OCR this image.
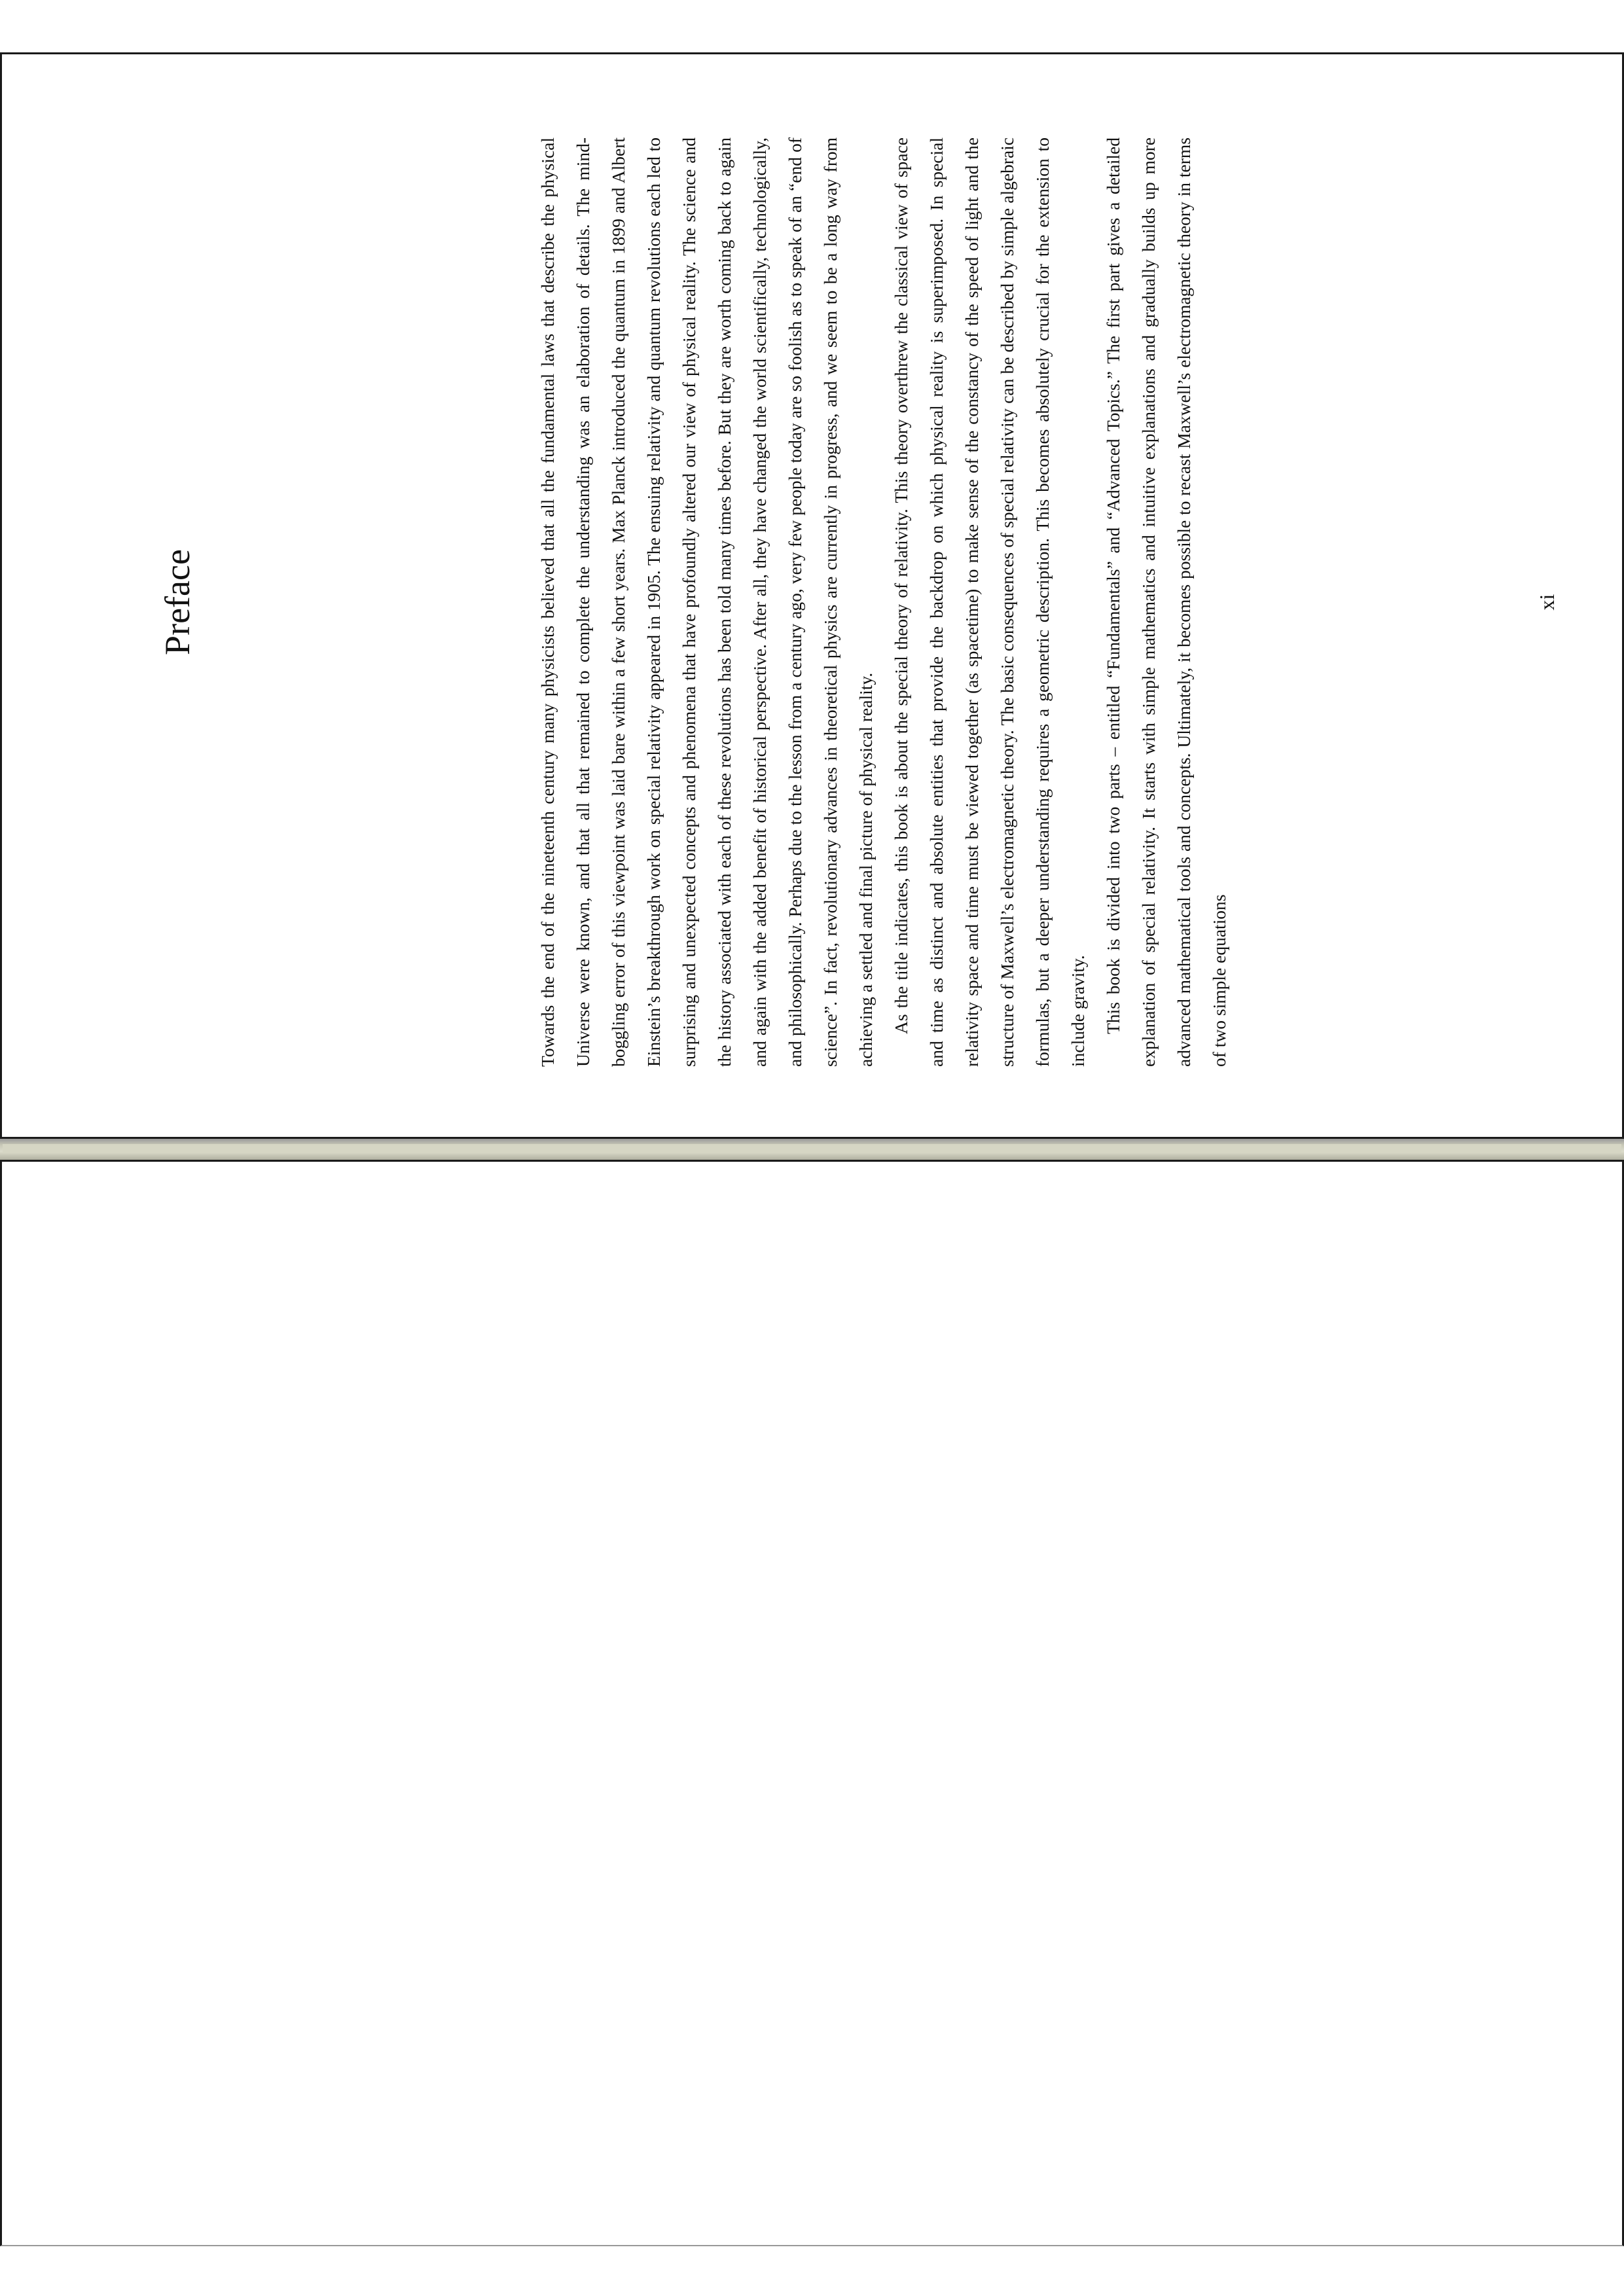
Preface	Towards the end of the nineteenth century many physicists believed that all the fundamental laws that describe the physical Universe were known, and that all that remained to complete the understanding was an elaboration of details. The mind-boggling error of this viewpoint was laid bare within a few short years. Max Planck introduced the quantum in 1899 and Albert Einstein’s breakthrough work on special relativity appeared in 1905. The ensuing relativity and quantum revolutions each led to surprising and unexpected concepts and phenomena that have profoundly altered our view of physical reality. The science and the history associated with each of these revolutions has been told many times before. But they are worth coming back to again and again with the added benefit of historical perspective. After all, they have changed the world scientifically, technologically, and philosophically. Perhaps due to the lesson from a century ago, very few people today are so foolish as to speak of an “end of science”. In fact, revolutionary advances in theoretical physics are currently in progress, and we seem to be a long way from achieving a settled and final picture of physical reality. As the title indicates, this book is about the special theory of relativity. This theory overthrew the classical view of space and time as distinct and absolute entities that provide the backdrop on which physical reality is superimposed. In special relativity space and time must be viewed together (as spacetime) to make sense of the constancy of the speed of light and the structure of Maxwell’s electromagnetic theory. The basic consequences of special relativity can be described by simple algebraic formulas, but a deeper understanding requires a geometric description. This becomes absolutely crucial for the extension to include gravity. This book is divided into two parts – entitled “Fundamentals” and “Advanced Topics.” The first part gives a detailed explanation of special relativity. It starts with simple mathematics and intuitive explanations and gradually builds up more advanced mathematical tools and concepts. Ultimately, it becomes possible to recast Maxwell’s electromagnetic theory in terms of two simple equations

xi
